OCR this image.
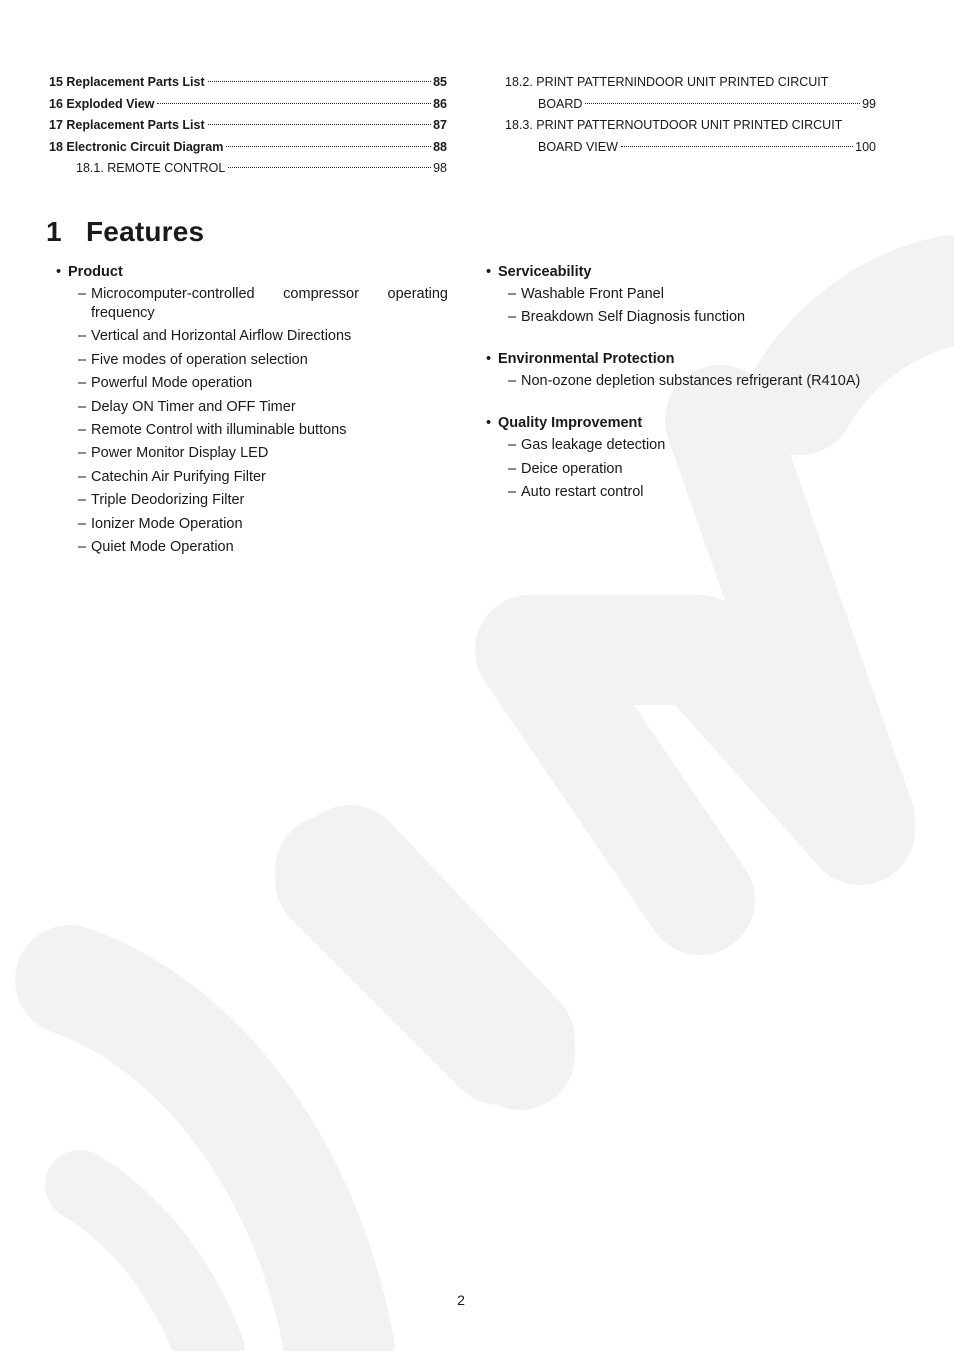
15 Replacement Parts List	85
16 Exploded View	86
17 Replacement Parts List	87
18 Electronic Circuit Diagram	88
18.1. REMOTE CONTROL	98
18.2. PRINT PATTERNINDOOR UNIT PRINTED CIRCUIT
BOARD	99
18.3. PRINT PATTERNOUTDOOR UNIT PRINTED CIRCUIT
BOARD VIEW	100
1 Features
• Product
– Microcomputer-controlled compressor operating frequency
– Vertical and Horizontal Airflow Directions
– Five modes of operation selection
– Powerful Mode operation
– Delay ON Timer and OFF Timer
– Remote Control with illuminable buttons
– Power Monitor Display LED
– Catechin Air Purifying Filter
– Triple Deodorizing Filter
– Ionizer Mode Operation
– Quiet Mode Operation
• Serviceability
– Washable Front Panel
– Breakdown Self Diagnosis function
• Environmental Protection
– Non-ozone depletion substances refrigerant (R410A)
• Quality Improvement
– Gas leakage detection
– Deice operation
– Auto restart control
2
